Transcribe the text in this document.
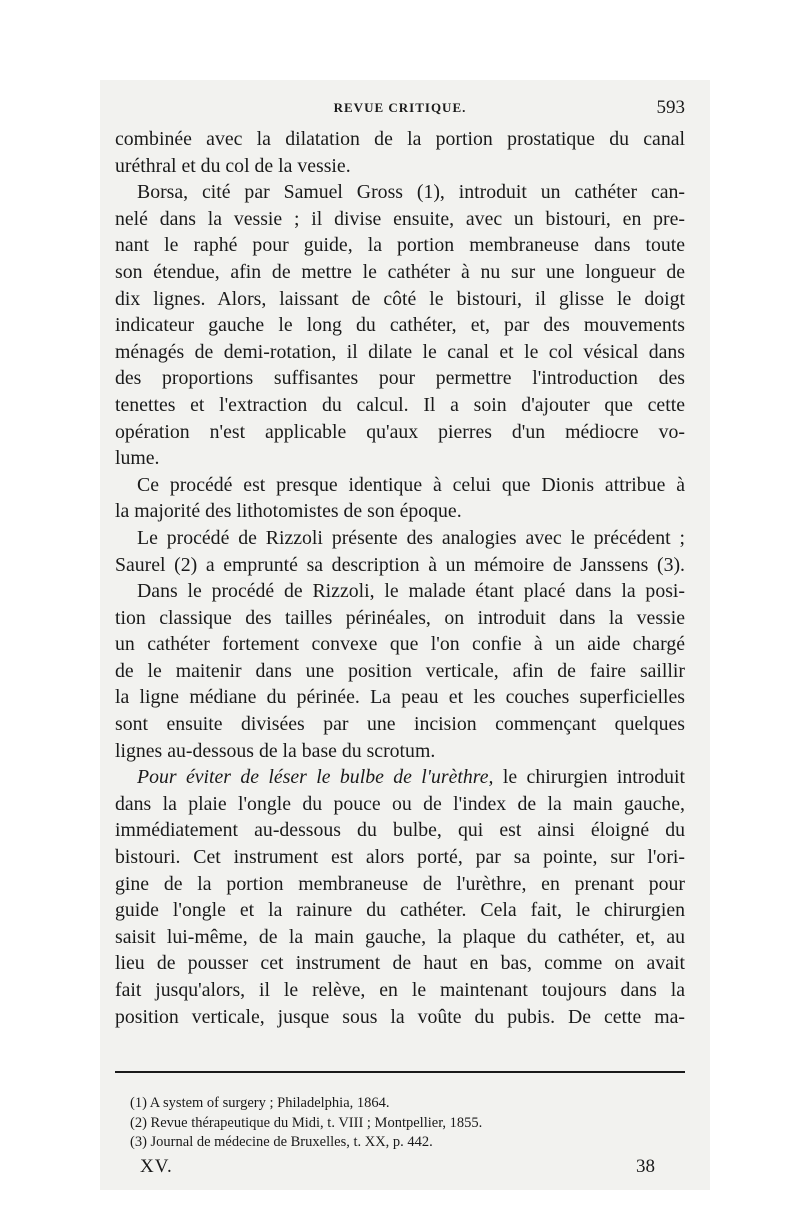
REVUE CRITIQUE.	593
combinée avec la dilatation de la portion prostatique du canal
uréthral et du col de la vessie.
Borsa, cité par Samuel Gross (1), introduit un cathéter can-
nelé dans la vessie ; il divise ensuite, avec un bistouri, en pre-
nant le raphé pour guide, la portion membraneuse dans toute
son étendue, afin de mettre le cathéter à nu sur une longueur de
dix lignes. Alors, laissant de côté le bistouri, il glisse le doigt
indicateur gauche le long du cathéter, et, par des mouvements
ménagés de demi-rotation, il dilate le canal et le col vésical dans
des proportions suffisantes pour permettre l'introduction des
tenettes et l'extraction du calcul. Il a soin d'ajouter que cette
opération n'est applicable qu'aux pierres d'un médiocre vo-
lume.
Ce procédé est presque identique à celui que Dionis attribue à
la majorité des lithotomistes de son époque.
Le procédé de Rizzoli présente des analogies avec le précédent ;
Saurel (2) a emprunté sa description à un mémoire de Janssens (3).
Dans le procédé de Rizzoli, le malade étant placé dans la posi-
tion classique des tailles périnéales, on introduit dans la vessie
un cathéter fortement convexe que l'on confie à un aide chargé
de le maitenir dans une position verticale, afin de faire saillir
la ligne médiane du périnée. La peau et les couches superficielles
sont ensuite divisées par une incision commençant quelques
lignes au-dessous de la base du scrotum.
Pour éviter de léser le bulbe de l'urèthre, le chirurgien introduit
dans la plaie l'ongle du pouce ou de l'index de la main gauche,
immédiatement au-dessous du bulbe, qui est ainsi éloigné du
bistouri. Cet instrument est alors porté, par sa pointe, sur l'ori-
gine de la portion membraneuse de l'urèthre, en prenant pour
guide l'ongle et la rainure du cathéter. Cela fait, le chirurgien
saisit lui-même, de la main gauche, la plaque du cathéter, et, au
lieu de pousser cet instrument de haut en bas, comme on avait
fait jusqu'alors, il le relève, en le maintenant toujours dans la
position verticale, jusque sous la voûte du pubis. De cette ma-
(1) A system of surgery ; Philadelphia, 1864.
(2) Revue thérapeutique du Midi, t. VIII ; Montpellier, 1855.
(3) Journal de médecine de Bruxelles, t. XX, p. 442.
XV.	38
